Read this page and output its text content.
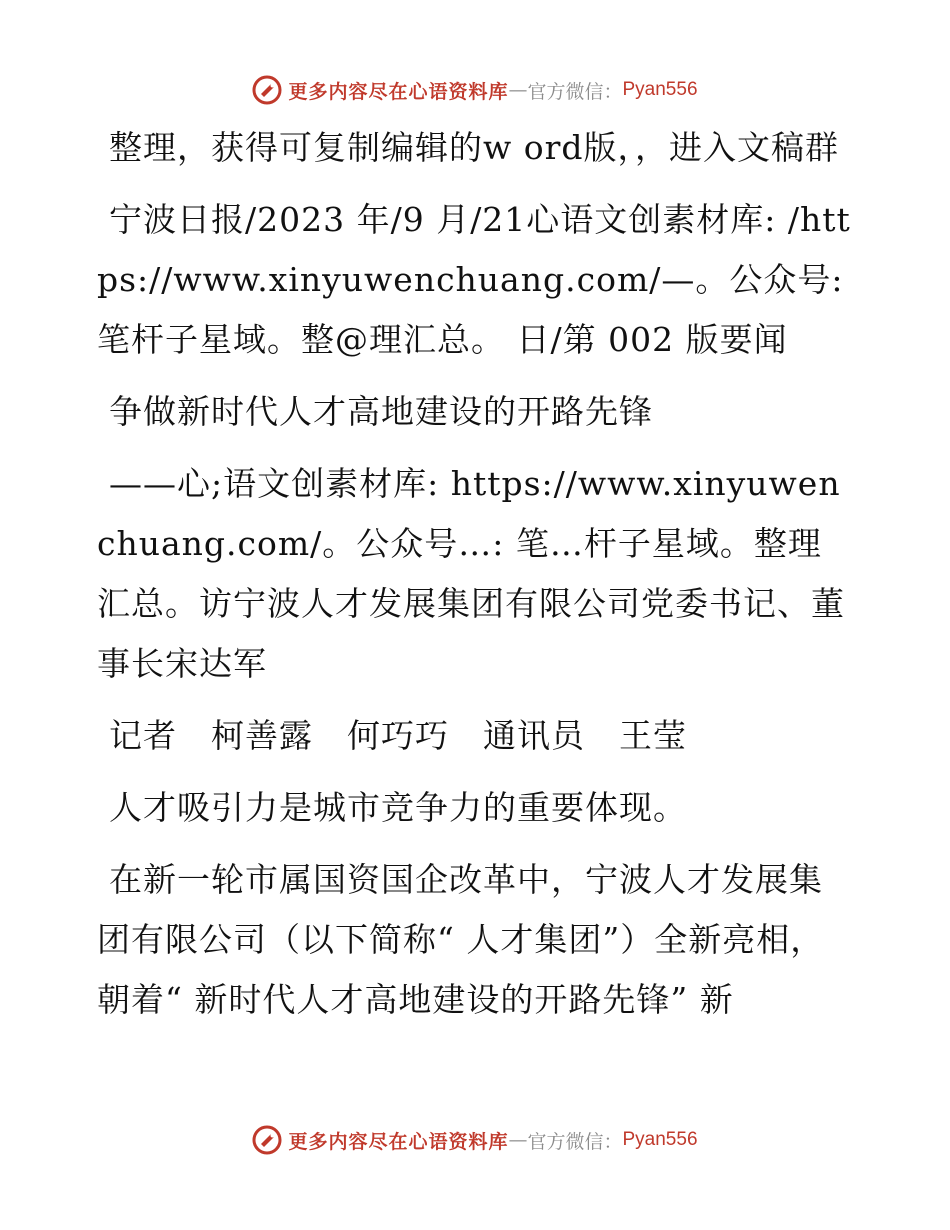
更多内容尽在心语资料库 — 官方微信： Pyan556

整理，获得可复制编辑的w ord版，，进入文稿群

宁波日报/2023 年/9 月/21心语文创素材库: /https://www.xinyuwenchuang.com/—。公众号: 笔杆子星域。整@理汇总。 日/第 002 版要闻

争做新时代人才高地建设的开路先锋

——心;语文创素材库: https://www.xinyuwenchuang.com/。公众号…: 笔…杆子星域。整理汇总。访宁波人才发展集团有限公司党委书记、董事长宋达军

记者　柯善露　何巧巧　通讯员　王莹

人才吸引力是城市竞争力的重要体现。

在新一轮市属国资国企改革中，宁波人才发展集团有限公司（以下简称“ 人才集团”）全新亮相，朝着“ 新时代人才高地建设的开路先锋” 新

更多内容尽在心语资料库 — 官方微信： Pyan556
